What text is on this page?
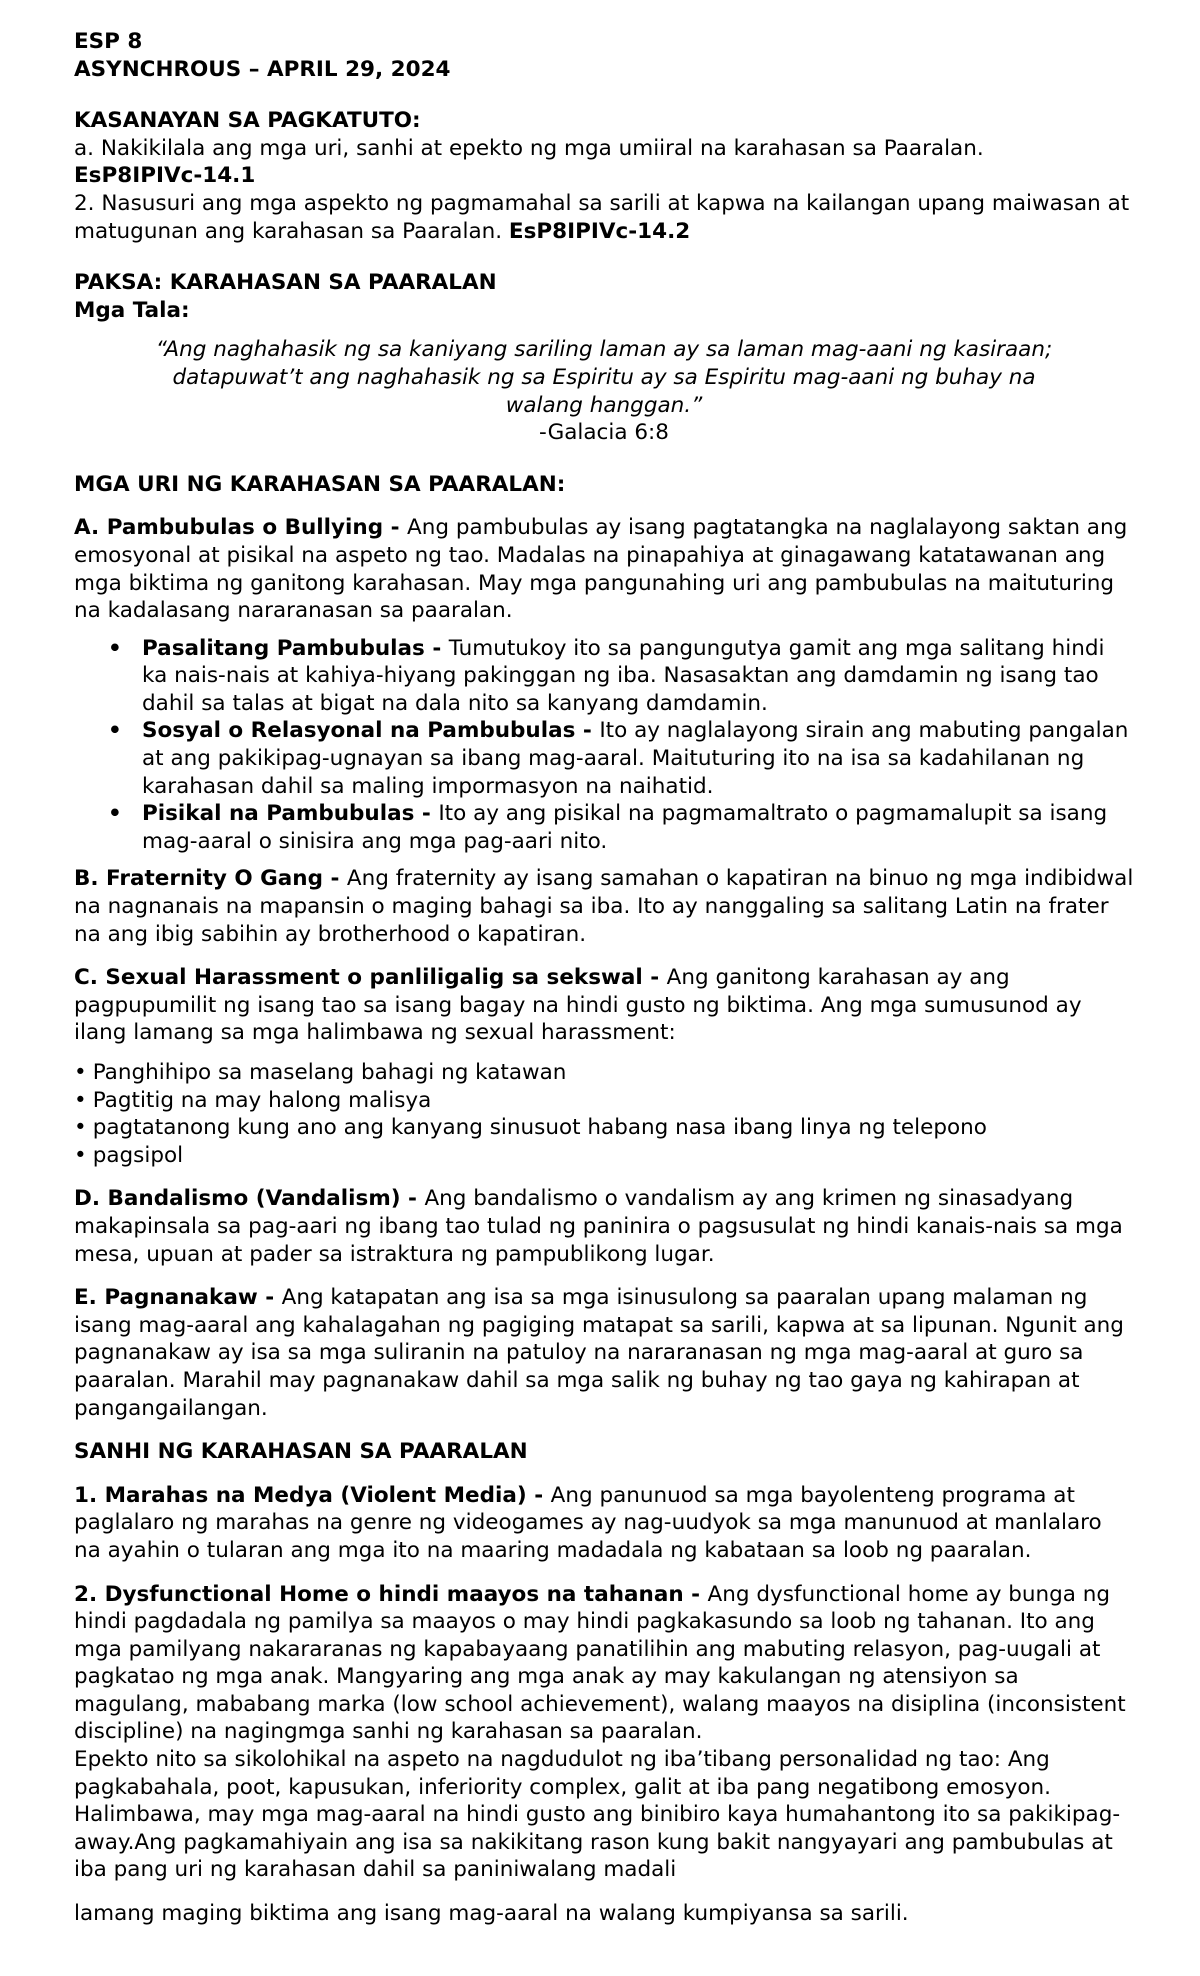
ESP 8
ASYNCHROUS – APRIL 29, 2024
KASANAYAN SA PAGKATUTO:

a. Nakikilala ang mga uri, sanhi at epekto ng mga umiiral na karahasan sa Paaralan.
EsP8IPIVc-14.1

2. Nasusuri ang mga aspekto ng pagmamahal sa sarili at kapwa na kailangan upang maiwasan at matugunan ang karahasan sa Paaralan. EsP8IPIVc-14.2

PAKSA: KARAHASAN SA PAARALAN
Mga Tala:

“Ang naghahasik ng sa kaniyang sariling laman ay sa laman mag-aani ng kasiraan; datapuwat’t ang naghahasik ng sa Espiritu ay sa Espiritu mag-aani ng buhay na walang hanggan.”

-Galacia 6:8

MGA URI NG KARAHASAN SA PAARALAN:

A. Pambubulas o Bullying - Ang pambubulas ay isang pagtatangka na naglalayong saktan ang emosyonal at pisikal na aspeto ng tao. Madalas na pinapahiya at ginagawang katatawanan ang mga biktima ng ganitong karahasan. May mga pangunahing uri ang pambubulas na maituturing na kadalasang nararanasan sa paaralan.

• Pasalitang Pambubulas - Tumutukoy ito sa pangungutya gamit ang mga salitang hindi ka nais-nais at kahiya-hiyang pakinggan ng iba. Nasasaktan ang damdamin ng isang tao dahil sa talas at bigat na dala nito sa kanyang damdamin.
• Sosyal o Relasyonal na Pambubulas - Ito ay naglalayong sirain ang mabuting pangalan at ang pakikipag-ugnayan sa ibang mag-aaral. Maituturing ito na isa sa kadahilanan ng karahasan dahil sa maling impormasyon na naihatid.
• Pisikal na Pambubulas - Ito ay ang pisikal na pagmamaltrato o pagmamalupit sa isang mag-aaral o sinisira ang mga pag-aari nito.

B. Fraternity O Gang - Ang fraternity ay isang samahan o kapatiran na binuo ng mga indibidwal na nagnanais na mapansin o maging bahagi sa iba. Ito ay nanggaling sa salitang Latin na frater na ang ibig sabihin ay brotherhood o kapatiran.

C. Sexual Harassment o panliligalig sa sekswal - Ang ganitong karahasan ay ang pagpupumilit ng isang tao sa isang bagay na hindi gusto ng biktima. Ang mga sumusunod ay ilang lamang sa mga halimbawa ng sexual harassment:

• Panghihipo sa maselang bahagi ng katawan
• Pagtitig na may halong malisya
• pagtatanong kung ano ang kanyang sinusuot habang nasa ibang linya ng telepono
• pagsipol

D. Bandalismo (Vandalism) - Ang bandalismo o vandalism ay ang krimen ng sinasadyang makapinsala sa pag-aari ng ibang tao tulad ng paninira o pagsusulat ng hindi kanais-nais sa mga mesa, upuan at pader sa istraktura ng pampublikong lugar.

E. Pagnanakaw - Ang katapatan ang isa sa mga isinusulong sa paaralan upang malaman ng isang mag-aaral ang kahalagahan ng pagiging matapat sa sarili, kapwa at sa lipunan. Ngunit ang pagnanakaw ay isa sa mga suliranin na patuloy na nararanasan ng mga mag-aaral at guro sa paaralan. Marahil may pagnanakaw dahil sa mga salik ng buhay ng tao gaya ng kahirapan at pangangailangan.

SANHI NG KARAHASAN SA PAARALAN

1. Marahas na Medya (Violent Media) - Ang panunuod sa mga bayolenteng programa at paglalaro ng marahas na genre ng videogames ay nag-uudyok sa mga manunuod at manlalaro na ayahin o tularan ang mga ito na maaring madadala ng kabataan sa loob ng paaralan.

2. Dysfunctional Home o hindi maayos na tahanan - Ang dysfunctional home ay bunga ng hindi pagdadala ng pamilya sa maayos o may hindi pagkakasundo sa loob ng tahanan. Ito ang mga pamilyang nakararanas ng kapabayaang panatilihin ang mabuting relasyon, pag-uugali at pagkatao ng mga anak. Mangyaring ang mga anak ay may kakulangan ng atensiyon sa magulang, mababang marka (low school achievement), walang maayos na disiplina (inconsistent discipline) na nagingmga sanhi ng karahasan sa paaralan.

Epekto nito sa sikolohikal na aspeto na nagdudulot ng iba’tibang personalidad ng tao: Ang pagkabahala, poot, kapusukan, inferiority complex, galit at iba pang negatibong emosyon. Halimbawa, may mga mag-aaral na hindi gusto ang binibiro kaya humahantong ito sa pakikipag-away.Ang pagkamahiyain ang isa sa nakikitang rason kung bakit nangyayari ang pambubulas at iba pang uri ng karahasan dahil sa paniniwalang madali

lamang maging biktima ang isang mag-aaral na walang kumpiyansa sa sarili.
